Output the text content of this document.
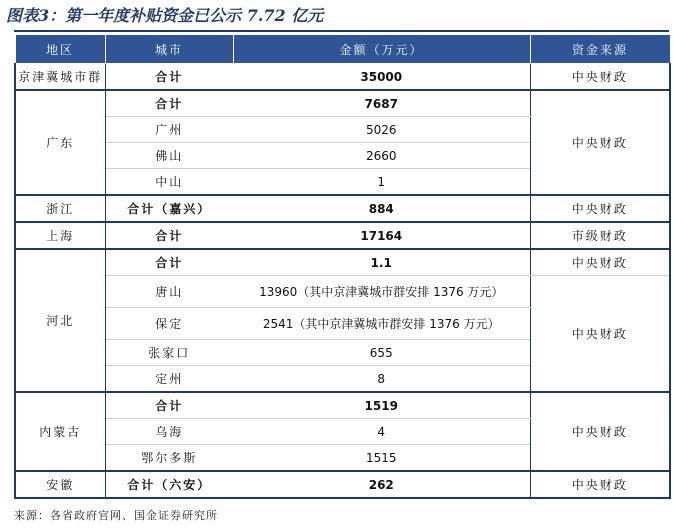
图表3：第一年度补贴资金已公示 7.72 亿元
地区	城市	金额（万元）	资金来源
京津冀城市群	合计	35000	中央财政
广东	合计	7687	中央财政
	广州	5026	
	佛山	2660	
	中山	1	
浙江	合计（嘉兴）	884	中央财政
上海	合计	17164	市级财政
河北	合计	1.1	中央财政
	唐山	13960（其中京津冀城市群安排 1376 万元）	中央财政
	保定	2541（其中京津冀城市群安排 1376 万元）	
	张家口	655	
	定州	8	
内蒙古	合计	1519	中央财政
	乌海	4	
	鄂尔多斯	1515	
安徽	合计（六安）	262	中央财政
来源：各省政府官网、国金证券研究所
